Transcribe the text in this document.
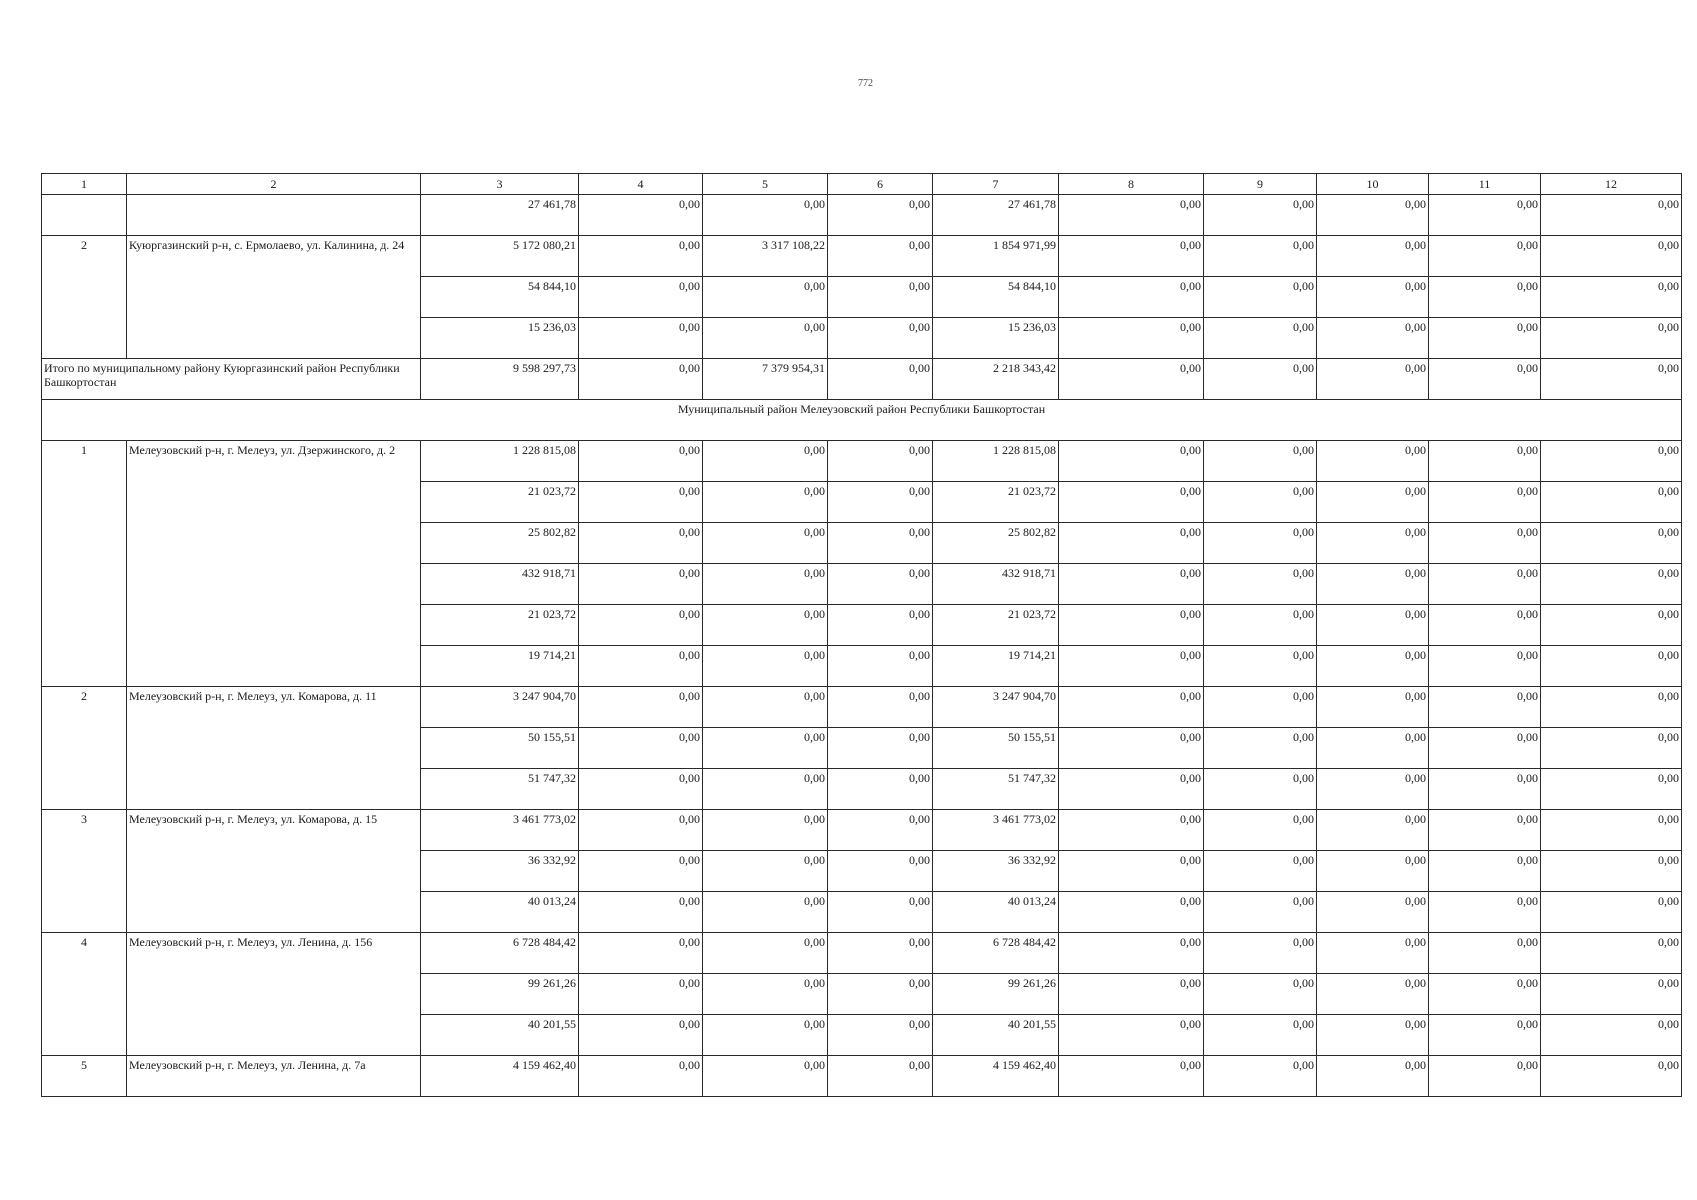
772
1	2	3	4	5	6	7	8	9	10	11	12
		27 461,78	0,00	0,00	0,00	27 461,78	0,00	0,00	0,00	0,00	0,00
2	Куюргазинский р-н, с. Ермолаево, ул. Калинина, д. 24	5 172 080,21	0,00	3 317 108,22	0,00	1 854 971,99	0,00	0,00	0,00	0,00	0,00
		54 844,10	0,00	0,00	0,00	54 844,10	0,00	0,00	0,00	0,00	0,00
		15 236,03	0,00	0,00	0,00	15 236,03	0,00	0,00	0,00	0,00	0,00
Итого по муниципальному району Куюргазинский район Республики Башкортостан		9 598 297,73	0,00	7 379 954,31	0,00	2 218 343,42	0,00	0,00	0,00	0,00	0,00
Муниципальный район Мелеузовский район Республики Башкортостан											
1	Мелеузовский р-н, г. Мелеуз, ул. Дзержинского, д. 2	1 228 815,08	0,00	0,00	0,00	1 228 815,08	0,00	0,00	0,00	0,00	0,00
		21 023,72	0,00	0,00	0,00	21 023,72	0,00	0,00	0,00	0,00	0,00
		25 802,82	0,00	0,00	0,00	25 802,82	0,00	0,00	0,00	0,00	0,00
		432 918,71	0,00	0,00	0,00	432 918,71	0,00	0,00	0,00	0,00	0,00
		21 023,72	0,00	0,00	0,00	21 023,72	0,00	0,00	0,00	0,00	0,00
		19 714,21	0,00	0,00	0,00	19 714,21	0,00	0,00	0,00	0,00	0,00
2	Мелеузовский р-н, г. Мелеуз, ул. Комарова, д. 11	3 247 904,70	0,00	0,00	0,00	3 247 904,70	0,00	0,00	0,00	0,00	0,00
		50 155,51	0,00	0,00	0,00	50 155,51	0,00	0,00	0,00	0,00	0,00
		51 747,32	0,00	0,00	0,00	51 747,32	0,00	0,00	0,00	0,00	0,00
3	Мелеузовский р-н, г. Мелеуз, ул. Комарова, д. 15	3 461 773,02	0,00	0,00	0,00	3 461 773,02	0,00	0,00	0,00	0,00	0,00
		36 332,92	0,00	0,00	0,00	36 332,92	0,00	0,00	0,00	0,00	0,00
		40 013,24	0,00	0,00	0,00	40 013,24	0,00	0,00	0,00	0,00	0,00
4	Мелеузовский р-н, г. Мелеуз, ул. Ленина, д. 156	6 728 484,42	0,00	0,00	0,00	6 728 484,42	0,00	0,00	0,00	0,00	0,00
		99 261,26	0,00	0,00	0,00	99 261,26	0,00	0,00	0,00	0,00	0,00
		40 201,55	0,00	0,00	0,00	40 201,55	0,00	0,00	0,00	0,00	0,00
5	Мелеузовский р-н, г. Мелеуз, ул. Ленина, д. 7а	4 159 462,40	0,00	0,00	0,00	4 159 462,40	0,00	0,00	0,00	0,00	0,00
